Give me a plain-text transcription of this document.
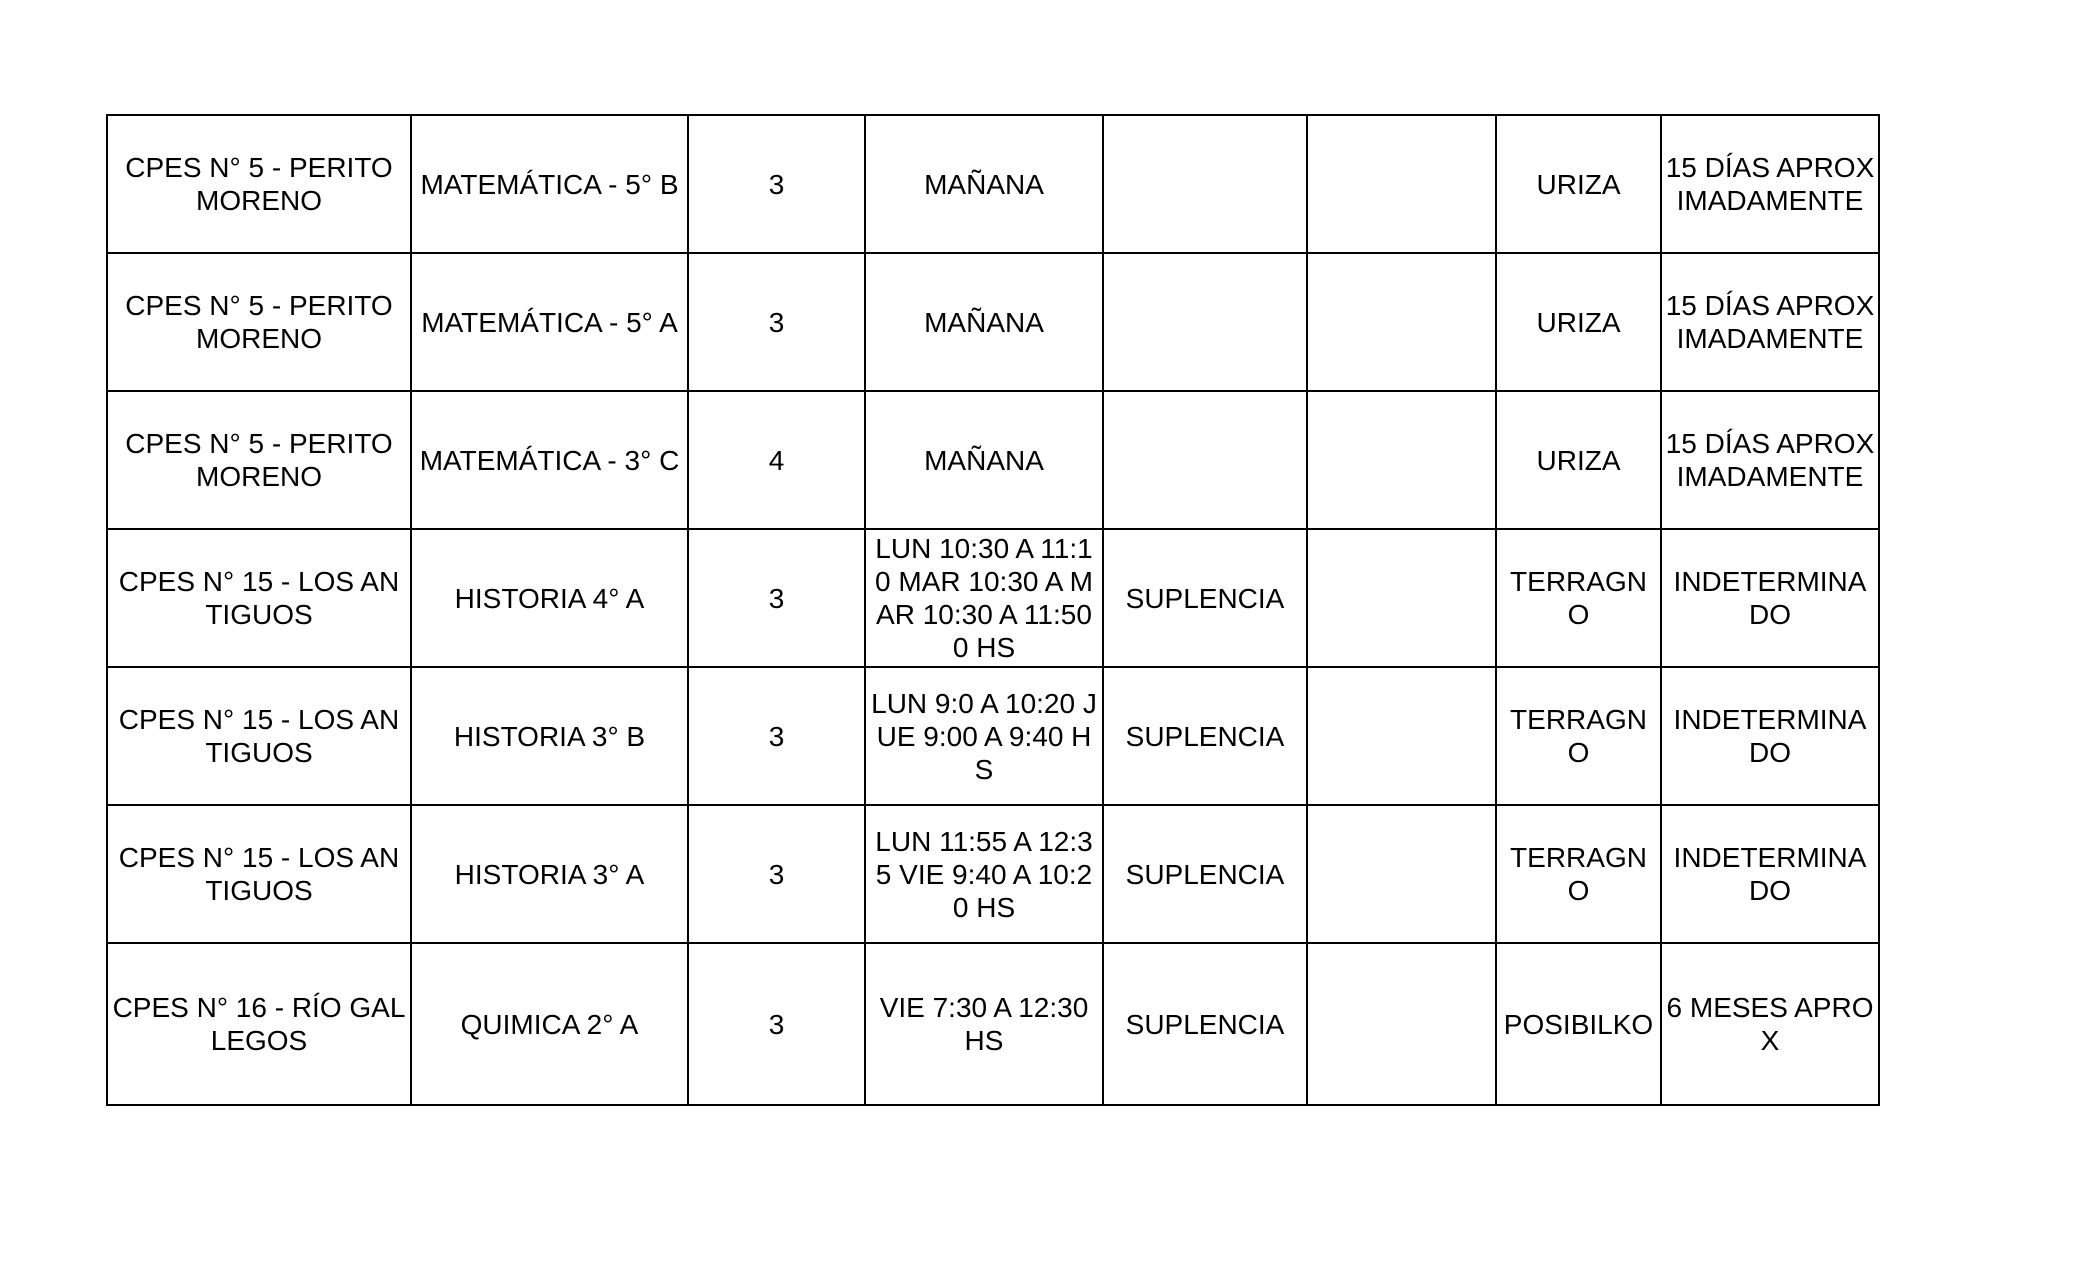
CPES N° 5 - PERITO MORENO	MATEMÁTICA - 5° B	3	MAÑANA			URIZA	15 DÍAS APROXIMADAMENTE

CPES N° 5 - PERITO MORENO	MATEMÁTICA - 5° A	3	MAÑANA			URIZA	15 DÍAS APROXIMADAMENTE

CPES N° 5 - PERITO MORENO	MATEMÁTICA - 3° C	4	MAÑANA			URIZA	15 DÍAS APROXIMADAMENTE

CPES N° 15 - LOS ANTIGUOS	HISTORIA 4° A	3	LUN 10:30 A 11:10 MAR 10:30 A MAR 10:30 A 11:500 HS	SUPLENCIA		TERRAGNO	INDETERMINADO

CPES N° 15 - LOS ANTIGUOS	HISTORIA 3° B	3	LUN 9:0 A 10:20 JUE 9:00 A 9:40 HS	SUPLENCIA		TERRAGNO	INDETERMINADO

CPES N° 15 - LOS ANTIGUOS	HISTORIA 3° A	3	LUN 11:55 A 12:35 VIE 9:40 A 10:20 HS	SUPLENCIA		TERRAGNO	INDETERMINADO

CPES N° 16 - RÍO GALLEGOS	QUIMICA 2° A	3	VIE 7:30 A 12:30 HS	SUPLENCIA		POSIBILKO	6 MESES APROX
